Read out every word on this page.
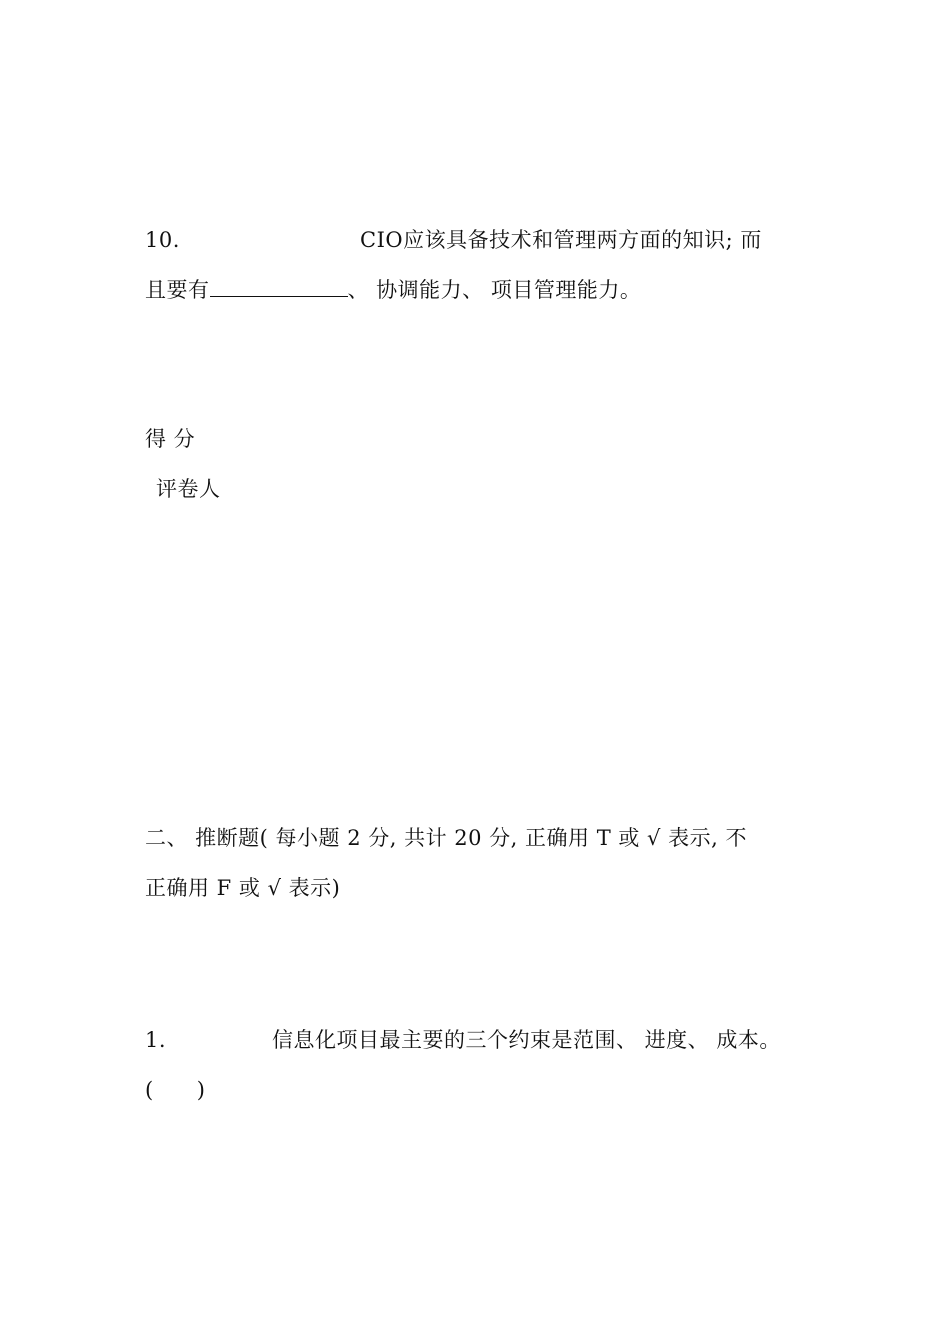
10.	CIO应该具备技术和管理两方面的知识; 而
且要有	、 协调能力、 项目管理能力。
得 分
评卷人
二、 推断题( 每小题 2 分, 共计 20 分, 正确用 T 或 √ 表示, 不
正确用 F 或 √ 表示)
1.	信息化项目最主要的三个约束是范围、 进度、 成本。
(      )
